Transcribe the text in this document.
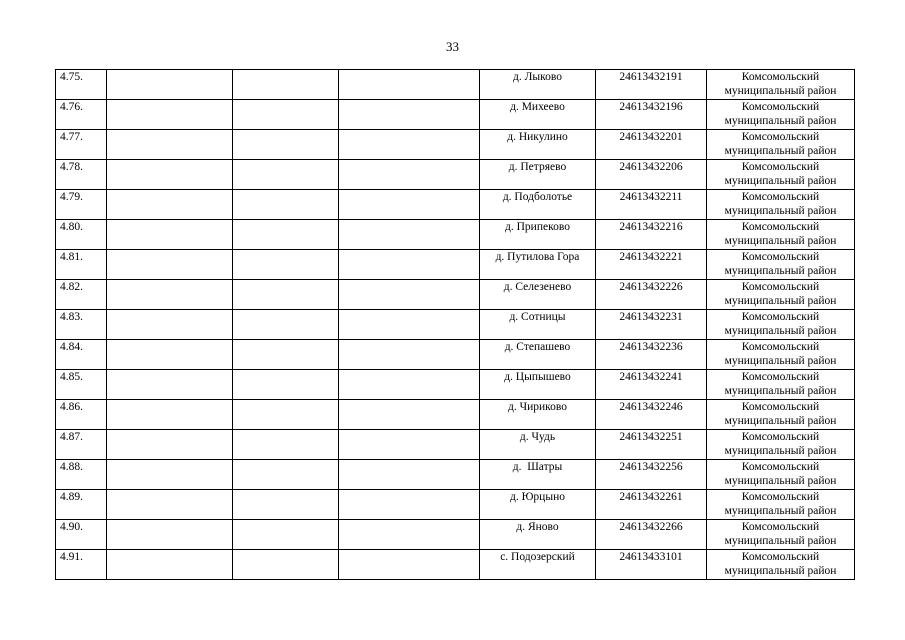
33
4.75.				д. Лыково	24613432191	Комсомольский муниципальный район
4.76.				д. Михеево	24613432196	Комсомольский муниципальный район
4.77.				д. Никулино	24613432201	Комсомольский муниципальный район
4.78.				д. Петряево	24613432206	Комсомольский муниципальный район
4.79.				д. Подболотье	24613432211	Комсомольский муниципальный район
4.80.				д. Припеково	24613432216	Комсомольский муниципальный район
4.81.				д. Путилова Гора	24613432221	Комсомольский муниципальный район
4.82.				д. Селезенево	24613432226	Комсомольский муниципальный район
4.83.				д. Сотницы	24613432231	Комсомольский муниципальный район
4.84.				д. Степашево	24613432236	Комсомольский муниципальный район
4.85.				д. Цыпышево	24613432241	Комсомольский муниципальный район
4.86.				д. Чириково	24613432246	Комсомольский муниципальный район
4.87.				д. Чудь	24613432251	Комсомольский муниципальный район
4.88.				д.  Шатры	24613432256	Комсомольский муниципальный район
4.89.				д. Юрцыно	24613432261	Комсомольский муниципальный район
4.90.				д. Яново	24613432266	Комсомольский муниципальный район
4.91.				с. Подозерский	24613433101	Комсомольский муниципальный район
